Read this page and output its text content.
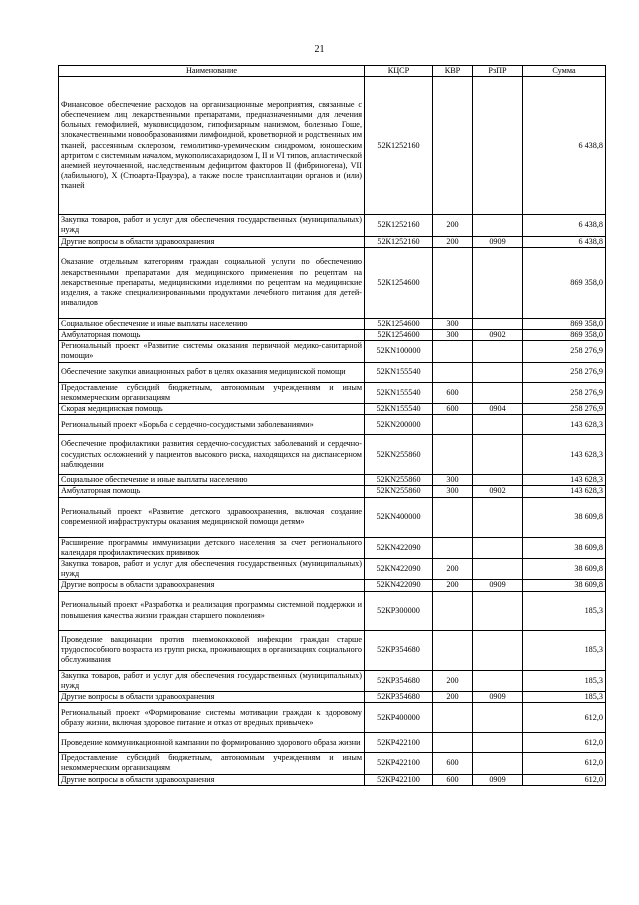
21
Наименование	КЦСР	КВР	РзПР	Сумма
Финансовое обеспечение расходов на организационные мероприятия, связанные с обеспечением лиц лекарственными препаратами, предназначенными для лечения больных гемофилией, муковисцидозом, гипофизарным нанизмом, болезнью Гоше, злокачественными новообразованиями лимфоидной, кроветворной и родственных им тканей, рассеянным склерозом, гемолитико-уремическим синдромом, юношеским артритом с системным началом, мукополисахаридозом I, II и VI типов, апластической анемией неуточненной, наследственным дефицитом факторов II (фибриногена), VII (лабильного), X (Стюарта-Прауэра), а также после трансплантации органов и (или) тканей	52К1252160			6 438,8
Закупка товаров, работ и услуг для обеспечения государственных (муниципальных) нужд	52К1252160	200		6 438,8
Другие вопросы в области здравоохранения	52К1252160	200	0909	6 438,8
Оказание отдельным категориям граждан социальной услуги по обеспечению лекарственными препаратами для медицинского применения по рецептам на лекарственные препараты, медицинскими изделиями по рецептам на медицинские изделия, а также специализированными продуктами лечебного питания для детей-инвалидов	52К1254600			869 358,0
Социальное обеспечение и иные выплаты населению	52К1254600	300		869 358,0
Амбулаторная помощь	52К1254600	300	0902	869 358,0
Региональный проект «Развитие системы оказания первичной медико-санитарной помощи»	52КN100000			258 276,9
Обеспечение закупки авиационных работ в целях оказания медицинской помощи	52КN155540			258 276,9
Предоставление субсидий бюджетным, автономным учреждениям и иным некоммерческим организациям	52КN155540	600		258 276,9
Скорая медицинская помощь	52КN155540	600	0904	258 276,9
Региональный проект «Борьба с сердечно-сосудистыми заболеваниями»	52КN200000			143 628,3
Обеспечение профилактики развития сердечно-сосудистых заболеваний и сердечно-сосудистых осложнений у пациентов высокого риска, находящихся на диспансерном наблюдении	52КN255860			143 628,3
Социальное обеспечение и иные выплаты населению	52КN255860	300		143 628,3
Амбулаторная помощь	52КN255860	300	0902	143 628,3
Региональный проект «Развитие детского здравоохранения, включая создание современной инфраструктуры оказания медицинской помощи детям»	52КN400000			38 609,8
Расширение программы иммунизации детского населения за счет регионального календаря профилактических прививок	52КN422090			38 609,8
Закупка товаров, работ и услуг для обеспечения государственных (муниципальных) нужд	52КN422090	200		38 609,8
Другие вопросы в области здравоохранения	52КN422090	200	0909	38 609,8
Региональный проект «Разработка и реализация программы системной поддержки и повышения качества жизни граждан старшего поколения»	52КР300000			185,3
Проведение вакцинации против пневмококковой инфекции граждан старше трудоспособного возраста из групп риска, проживающих в организациях социального обслуживания	52КР354680			185,3
Закупка товаров, работ и услуг для обеспечения государственных (муниципальных) нужд	52КР354680	200		185,3
Другие вопросы в области здравоохранения	52КР354680	200	0909	185,3
Региональный проект «Формирование системы мотивации граждан к здоровому образу жизни, включая здоровое питание и отказ от вредных привычек»	52КР400000			612,0
Проведение коммуникационной кампании по формированию здорового образа жизни	52КР422100			612,0
Предоставление субсидий бюджетным, автономным учреждениям и иным некоммерческим организациям	52КР422100	600		612,0
Другие вопросы в области здравоохранения	52КР422100	600	0909	612,0
